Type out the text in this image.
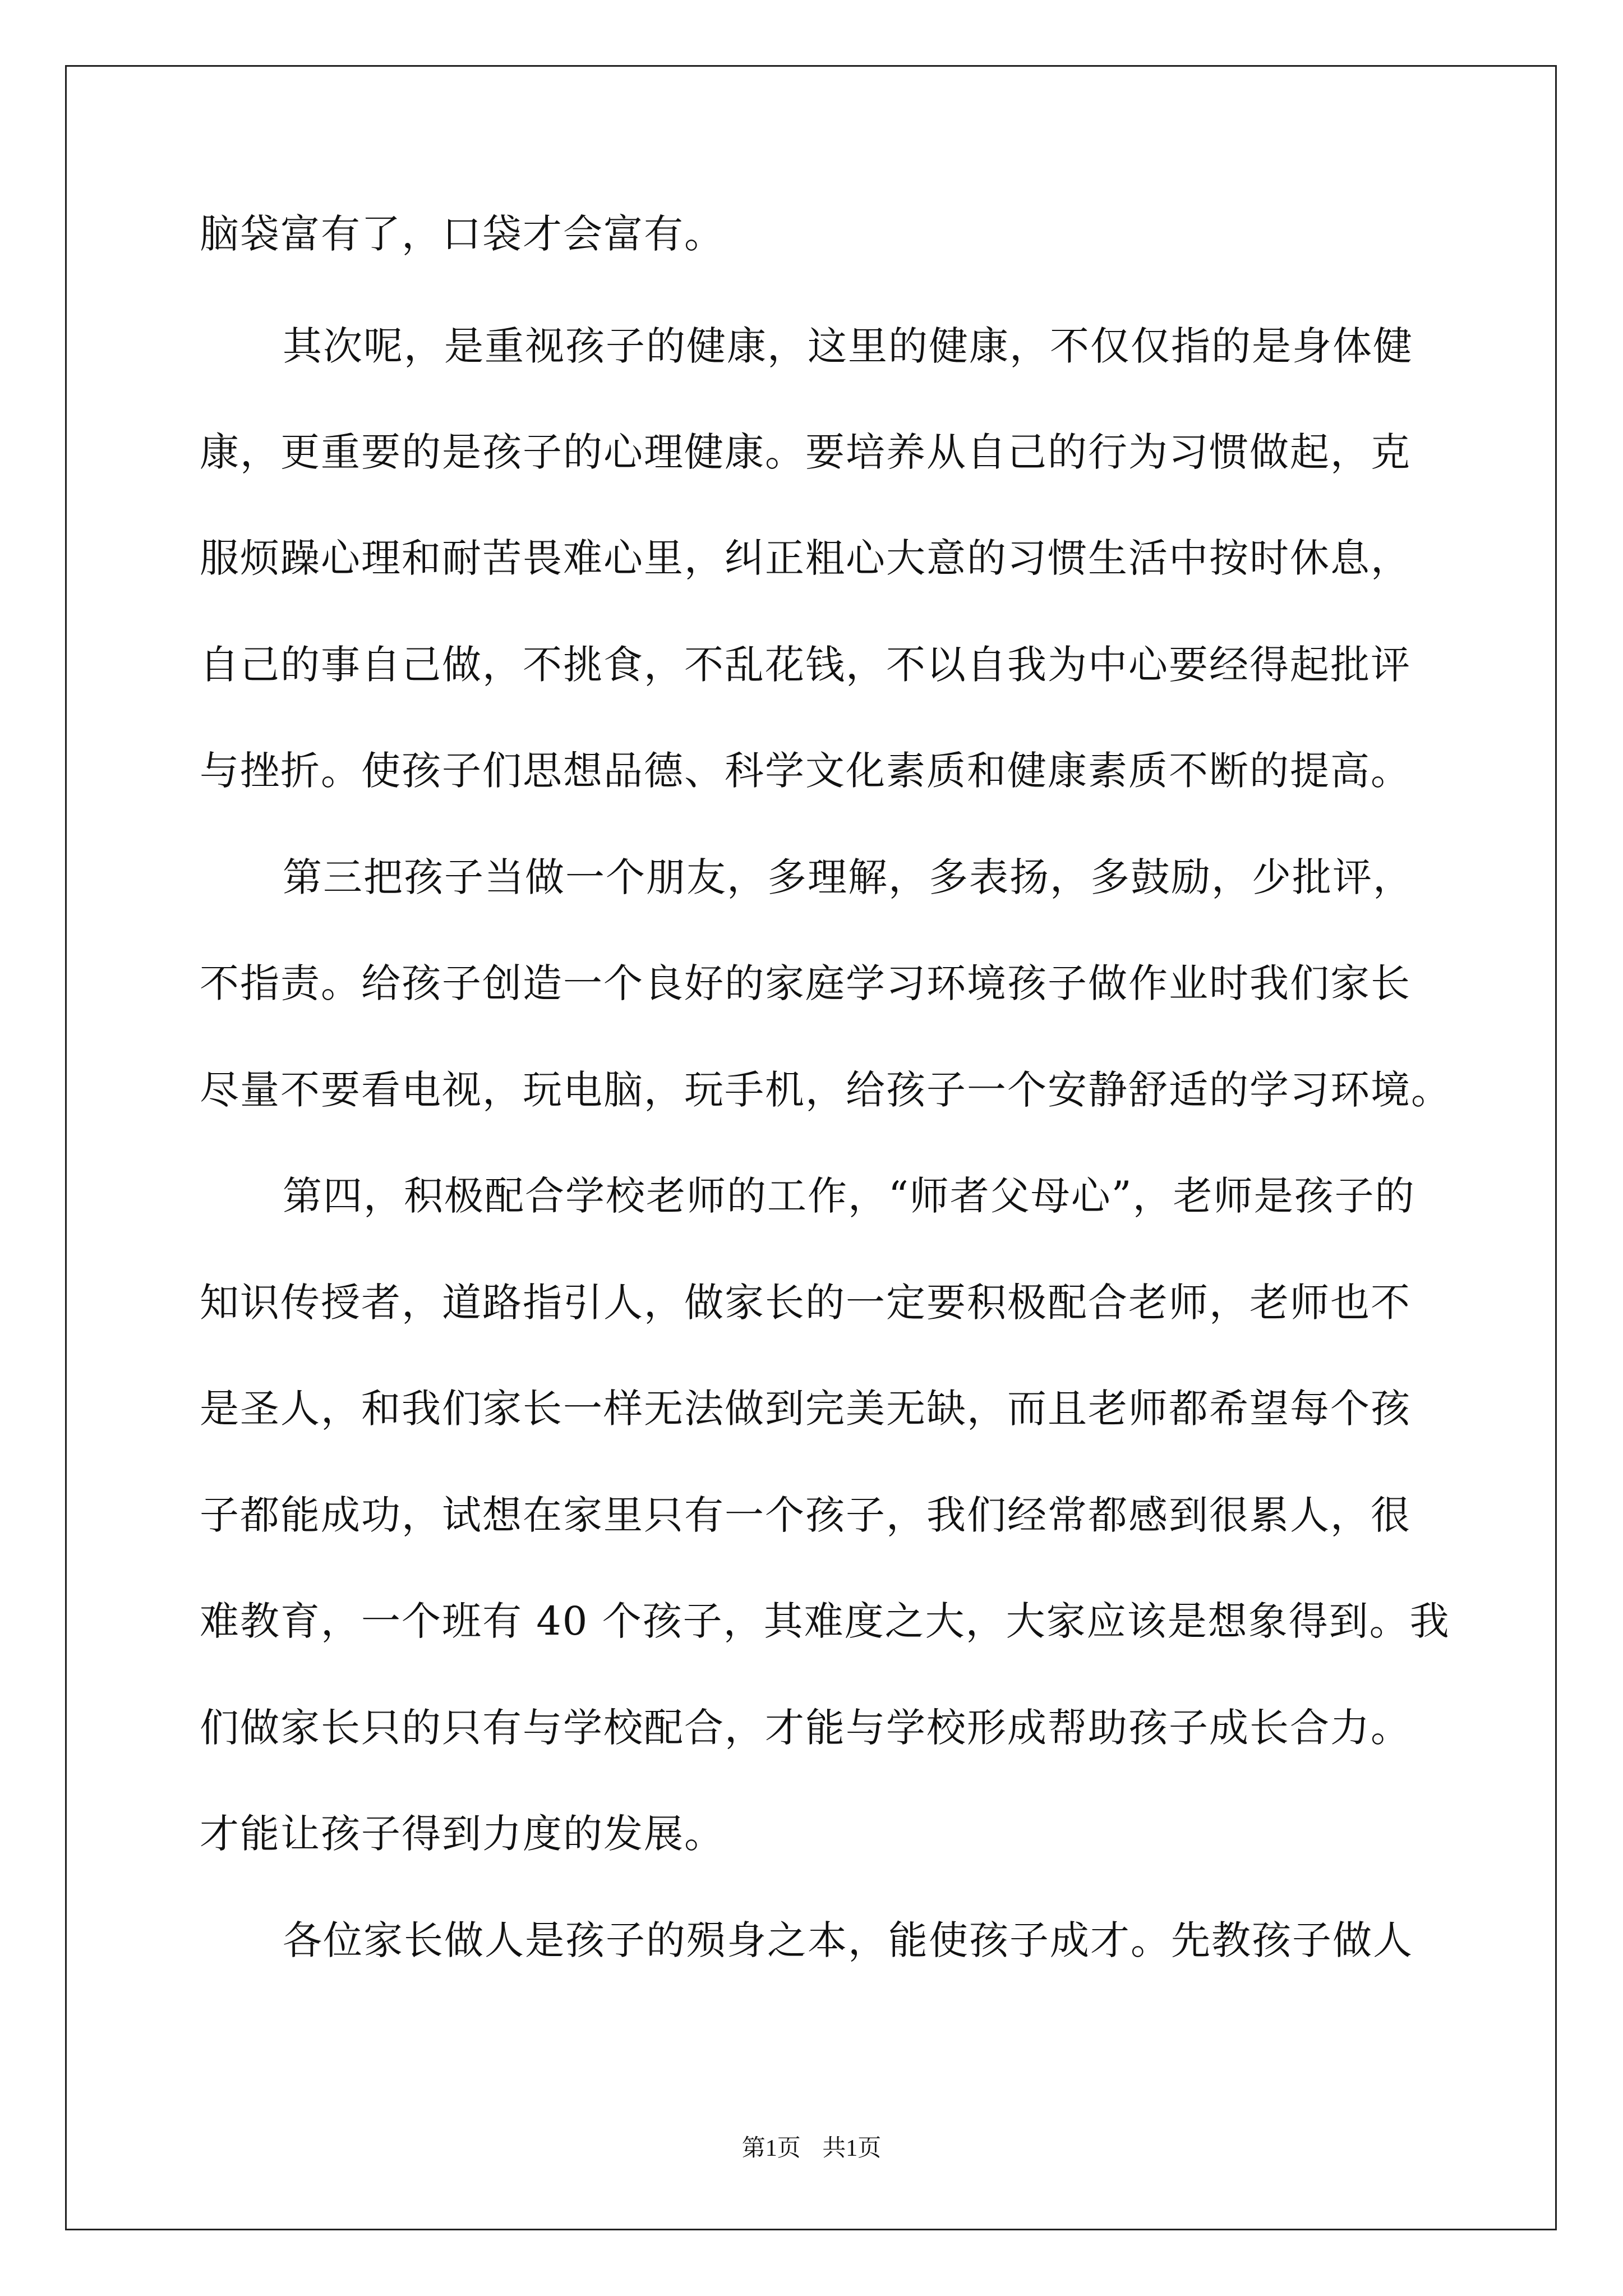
脑袋富有了，口袋才会富有。
其次呢，是重视孩子的健康，这里的健康，不仅仅指的是身体健
康，更重要的是孩子的心理健康。要培养从自己的行为习惯做起，克
服烦躁心理和耐苦畏难心里，纠正粗心大意的习惯生活中按时休息，
自己的事自己做，不挑食，不乱花钱，不以自我为中心要经得起批评
与挫折。使孩子们思想品德、科学文化素质和健康素质不断的提高。
第三把孩子当做一个朋友，多理解，多表扬，多鼓励，少批评，
不指责。给孩子创造一个良好的家庭学习环境孩子做作业时我们家长
尽量不要看电视，玩电脑，玩手机，给孩子一个安静舒适的学习环境。
第四，积极配合学校老师的工作，“师者父母心”，老师是孩子的
知识传授者，道路指引人，做家长的一定要积极配合老师，老师也不
是圣人，和我们家长一样无法做到完美无缺，而且老师都希望每个孩
子都能成功，试想在家里只有一个孩子，我们经常都感到很累人，很
难教育，一个班有 40 个孩子，其难度之大，大家应该是想象得到。我
们做家长只的只有与学校配合，才能与学校形成帮助孩子成长合力。
才能让孩子得到力度的发展。
各位家长做人是孩子的殒身之本，能使孩子成才。先教孩子做人
第1页 共1页
